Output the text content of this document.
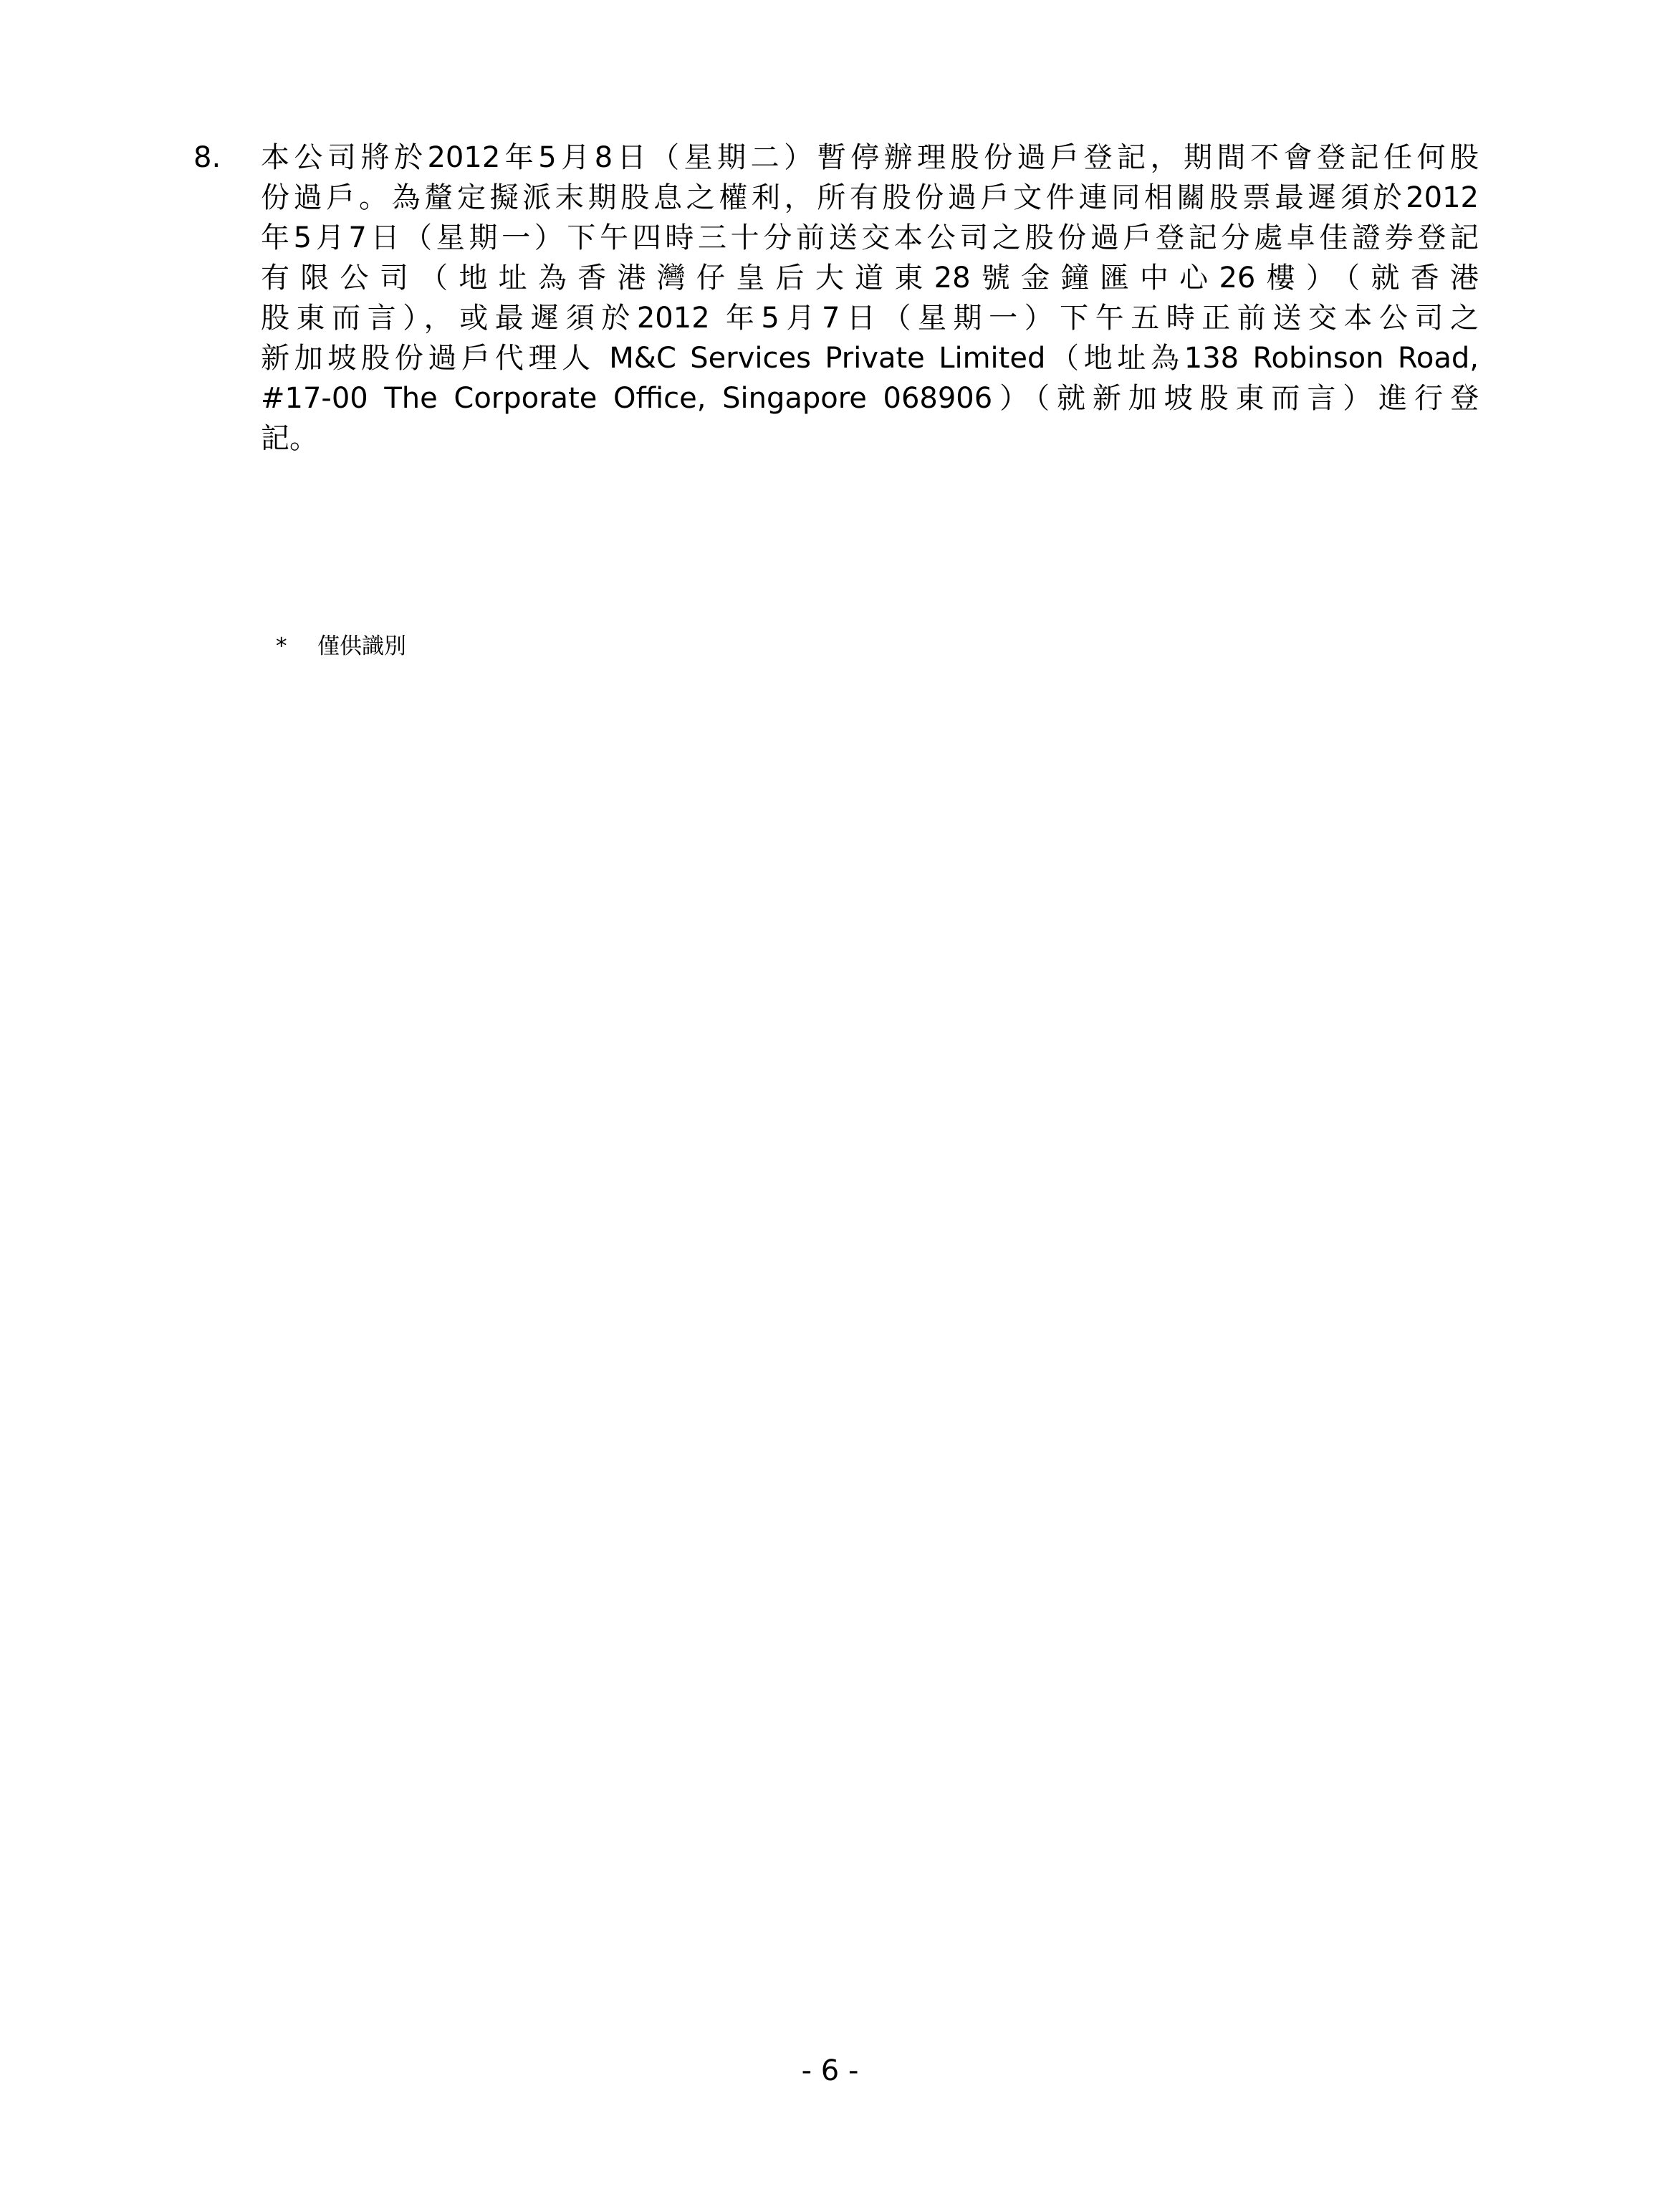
8. 本公司將於2012年5月8日（星期二）暫停辦理股份過戶登記，期間不會登記任何股
份過戶。為釐定擬派末期股息之權利，所有股份過戶文件連同相關股票最遲須於2012
年5月7日（星期一）下午四時三十分前送交本公司之股份過戶登記分處卓佳證券登記
有限公司（地址為香港灣仔皇后大道東28號金鐘匯中心26樓）（就香港
股東而言），或最遲須於2012 年5月7日（星期一）下午五時正前送交本公司之
新加坡股份過戶代理人 M&C Services Private Limited（地址為138 Robinson Road,
#17-00 The Corporate Office, Singapore 068906）（就新加坡股東而言）進行登
記。
* 僅供識別
- 6 -
